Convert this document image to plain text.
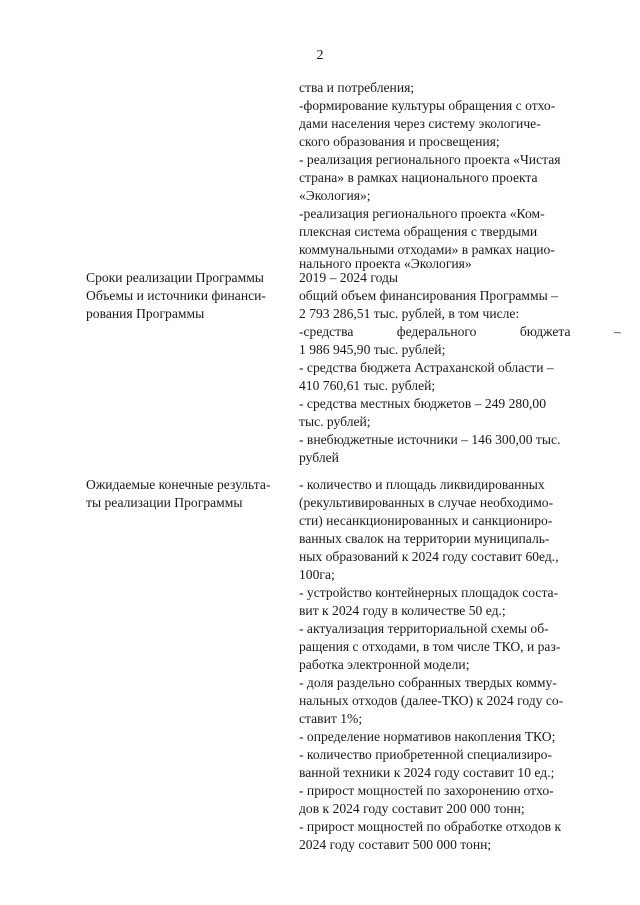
2
Сроки реализации Программы
Объемы и источники финанси-
рования Программы
Ожидаемые конечные результа-
ты реализации Программы
ства и потребления;
-формирование культуры обращения с отхо-
дами населения через систему экологиче-
ского образования и просвещения;
- реализация регионального проекта «Чистая
страна» в рамках национального проекта
«Экология»;
-реализация регионального проекта «Ком-
плексная система обращения с твердыми
коммунальными отходами» в рамках нацио-
нального проекта «Экология»
2019 – 2024 годы
общий объем финансирования Программы –
2 793 286,51 тыс. рублей, в том числе:
-средства федерального бюджета –
1 986 945,90 тыс. рублей;
- средства бюджета Астраханской области –
410 760,61 тыс. рублей;
- средства местных бюджетов – 249 280,00
тыс. рублей;
- внебюджетные источники – 146 300,00 тыс.
рублей
- количество и площадь ликвидированных
(рекультивированных в случае необходимо-
сти) несанкционированных и санкциониро-
ванных свалок на территории муниципаль-
ных образований к 2024 году составит 60ед.,
100га;
- устройство контейнерных площадок соста-
вит к 2024 году в количестве 50 ед.;
- актуализация территориальной схемы об-
ращения с отходами, в том числе ТКО, и раз-
работка электронной модели;
- доля раздельно собранных твердых комму-
нальных отходов (далее-ТКО) к 2024 году со-
ставит 1%;
- определение нормативов накопления ТКО;
- количество приобретенной специализиро-
ванной техники к 2024 году составит 10 ед.;
- прирост мощностей по захоронению отхо-
дов к 2024 году составит 200 000 тонн;
- прирост мощностей по обработке отходов к
2024 году составит 500 000 тонн;
